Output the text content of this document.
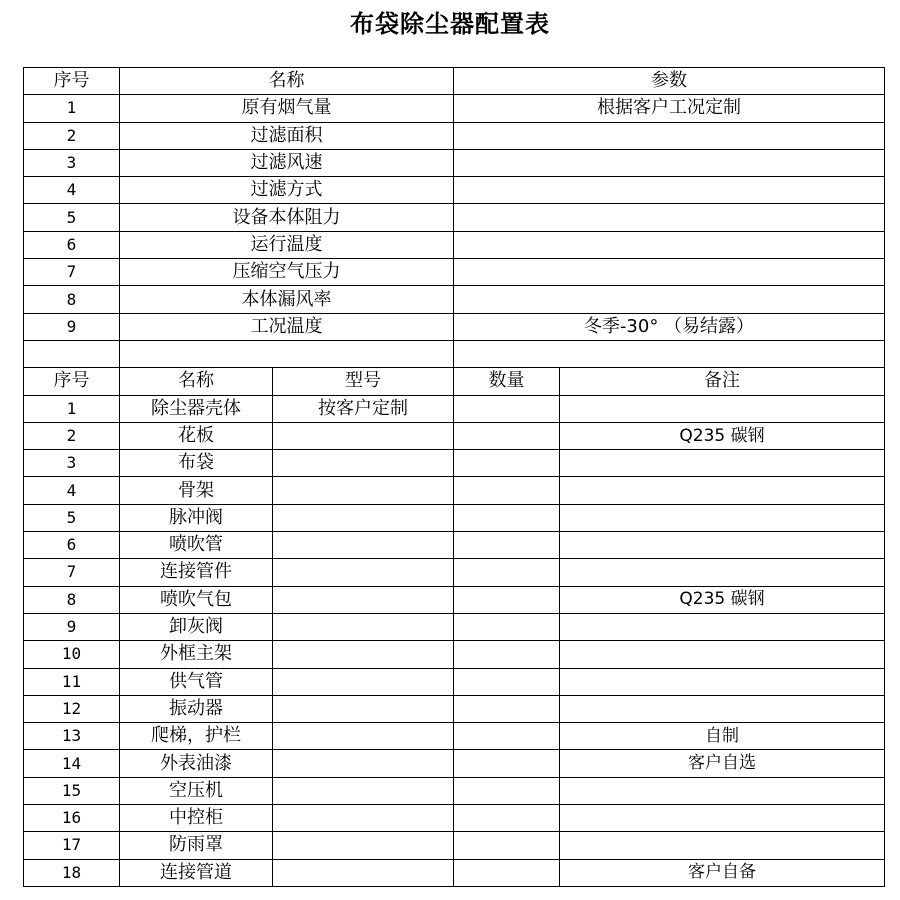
布袋除尘器配置表
序号	名称		参数	
1	原有烟气量		根据客户工况定制	
2	过滤面积			
3	过滤风速			
4	过滤方式			
5	设备本体阻力			
6	运行温度			
7	压缩空气压力			
8	本体漏风率			
9	工况温度		冬季-30° （易结露）	

序号	名称	型号	数量	备注
1	除尘器壳体	按客户定制		
2	花板			Q235 碳钢
3	布袋			
4	骨架			
5	脉冲阀			
6	喷吹管			
7	连接管件			
8	喷吹气包			Q235 碳钢
9	卸灰阀			
10	外框主架			
11	供气管			
12	振动器			
13	爬梯，护栏			自制
14	外表油漆			客户自选
15	空压机			
16	中控柜			
17	防雨罩			
18	连接管道			客户自备
